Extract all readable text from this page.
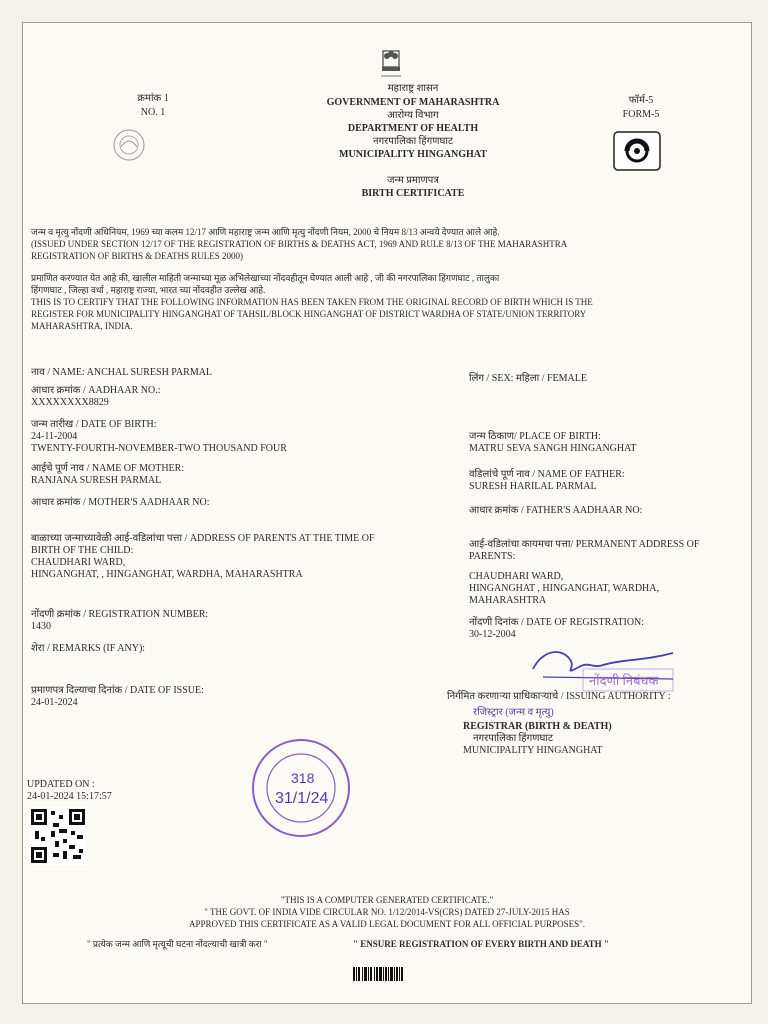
क्रमांक 1
NO. 1
फॉर्म-5
FORM-5
महाराष्ट्र शासन
GOVERNMENT OF MAHARASHTRA
आरोग्य विभाग
DEPARTMENT OF HEALTH
नगरपालिका हिंगणघाट
MUNICIPALITY HINGANGHAT
जन्म प्रमाणपत्र
BIRTH CERTIFICATE
जन्म व मृत्यु नोंदणी अधिनियम, 1969 च्या कलम 12/17 आणि महाराष्ट्र जन्म आणि मृत्यु नोंदणी नियम, 2000 चे नियम 8/13 अन्वये देण्यात आले आहे.
(ISSUED UNDER SECTION 12/17 OF THE REGISTRATION OF BIRTHS & DEATHS ACT, 1969 AND RULE 8/13 OF THE MAHARASHTRA
REGISTRATION OF BIRTHS & DEATHS RULES 2000)
प्रमाणित करण्यात येत आहे की, खालील माहिती जन्माच्या मूळ अभिलेखाच्या नोंदवहीतून घेण्यात आली आहे , जी की नगरपालिका हिंगणघाट , तालुका
हिंगणघाट , जिल्हा वर्धा , महाराष्ट्र राज्या, भारत च्या नोंदवहीत उल्लेख आहे.
THIS IS TO CERTIFY THAT THE FOLLOWING INFORMATION HAS BEEN TAKEN FROM THE ORIGINAL RECORD OF BIRTH WHICH IS THE
REGISTER FOR MUNICIPALITY HINGANGHAT OF TAHSIL/BLOCK HINGANGHAT OF DISTRICT WARDHA OF STATE/UNION TERRITORY
MAHARASHTRA, INDIA.
नाव / NAME: ANCHAL SURESH PARMAL
आधार क्रमांक / AADHAAR NO.:
XXXXXXXX8829
जन्म तारीख / DATE OF BIRTH:
24-11-2004
TWENTY-FOURTH-NOVEMBER-TWO THOUSAND FOUR
आईचे पूर्ण नाव / NAME OF MOTHER:
RANJANA SURESH PARMAL
आधार क्रमांक / MOTHER'S AADHAAR NO:
बाळाच्या जन्माच्यावेळी आई-वडिलांचा पत्ता / ADDRESS OF PARENTS AT THE TIME OF
BIRTH OF THE CHILD:
CHAUDHARI WARD,
HINGANGHAT, , HINGANGHAT, WARDHA, MAHARASHTRA
नोंदणी क्रमांक / REGISTRATION NUMBER:
1430
शेरा / REMARKS (IF ANY):
प्रमाणपत्र दिल्याचा दिनांक / DATE OF ISSUE:
24-01-2024
लिंग / SEX: महिला / FEMALE
जन्म ठिकाण/ PLACE OF BIRTH:
MATRU SEVA SANGH HINGANGHAT
वडिलांचे पूर्ण नाव / NAME OF FATHER:
SURESH HARILAL PARMAL
आधार क्रमांक / FATHER'S AADHAAR NO:
आई-वडिलांचा कायमचा पत्ता/ PERMANENT ADDRESS OF
PARENTS:
CHAUDHARI WARD,
HINGANGHAT , HINGANGHAT, WARDHA,
MAHARASHTRA
नोंदणी दिनांक / DATE OF REGISTRATION:
30-12-2004
नोंदणी निबंधक
निर्गमित करणाऱ्या प्राधिकाऱ्याचे / ISSUING AUTHORITY :
रजिस्ट्रार (जन्म व मृत्यु)
REGISTRAR (BIRTH & DEATH)
नगरपालिका हिंगणघाट
MUNICIPALITY HINGANGHAT
318
31/1/24
UPDATED ON :
24-01-2024 15:17:57
"THIS IS A COMPUTER GENERATED CERTIFICATE."
" THE GOVT. OF INDIA VIDE CIRCULAR NO. 1/12/2014-VS(CRS) DATED 27-JULY-2015 HAS
APPROVED THIS CERTIFICATE AS A VALID LEGAL DOCUMENT FOR ALL OFFICIAL PURPOSES".
" प्रत्येक जन्म आणि मृत्यूची घटना नोंदल्याची खात्री करा "	" ENSURE REGISTRATION OF EVERY BIRTH AND DEATH "
